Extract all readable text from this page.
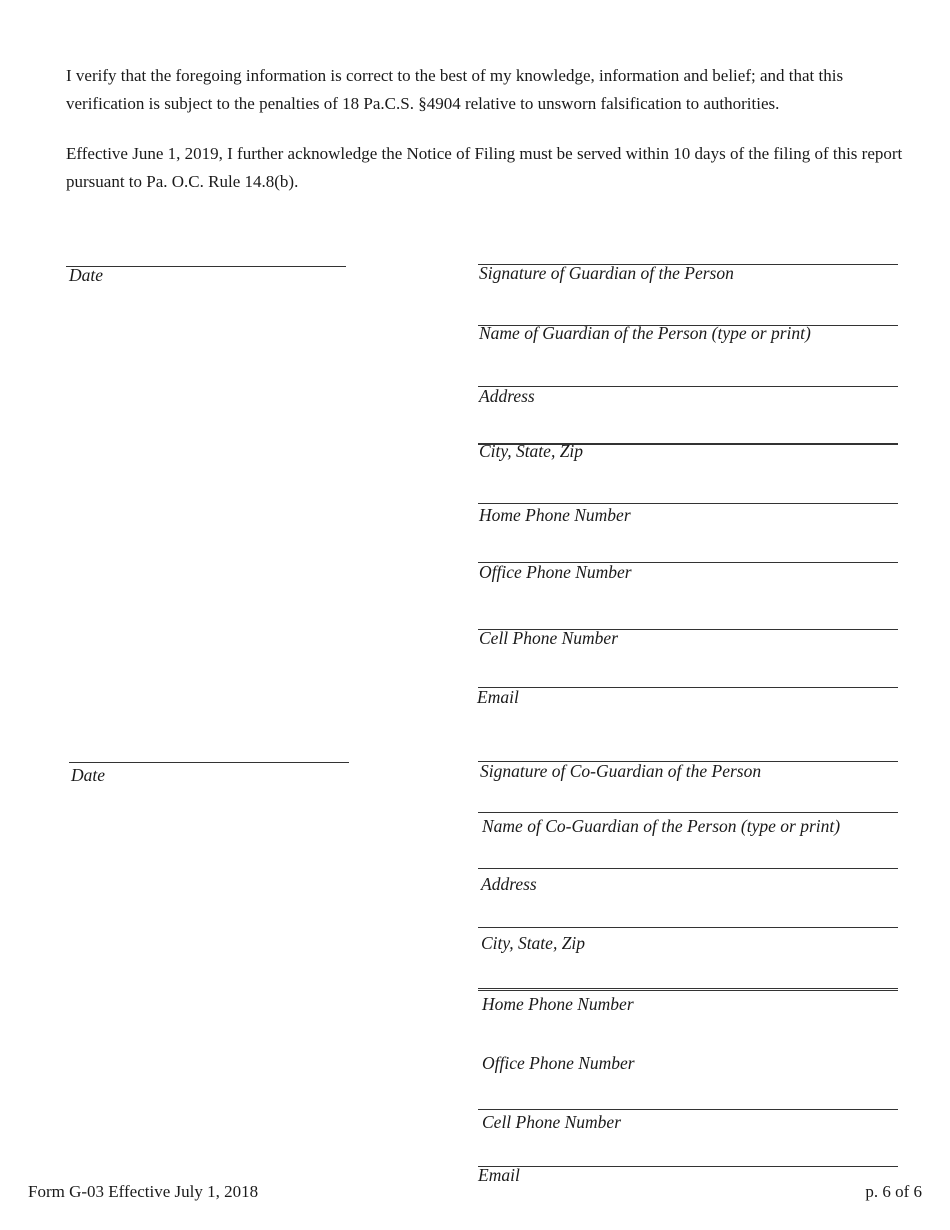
I verify that the foregoing information is correct to the best of my knowledge, information and belief; and that this verification is subject to the penalties of 18 Pa.C.S. §4904 relative to unsworn falsification to authorities.

Effective June 1, 2019, I further acknowledge the Notice of Filing must be served within 10 days of the filing of this report pursuant to Pa. O.C. Rule 14.8(b).

Date	Signature of Guardian of the Person
Name of Guardian of the Person (type or print)
Address
City, State, Zip
Home Phone Number
Office Phone Number
Cell Phone Number
Email
Date	Signature of Co-Guardian of the Person
Name of Co-Guardian of the Person (type or print)
Address
City, State, Zip
Home Phone Number
Office Phone Number
Cell Phone Number
Email
Form G-03 Effective July 1, 2018	p. 6 of 6
